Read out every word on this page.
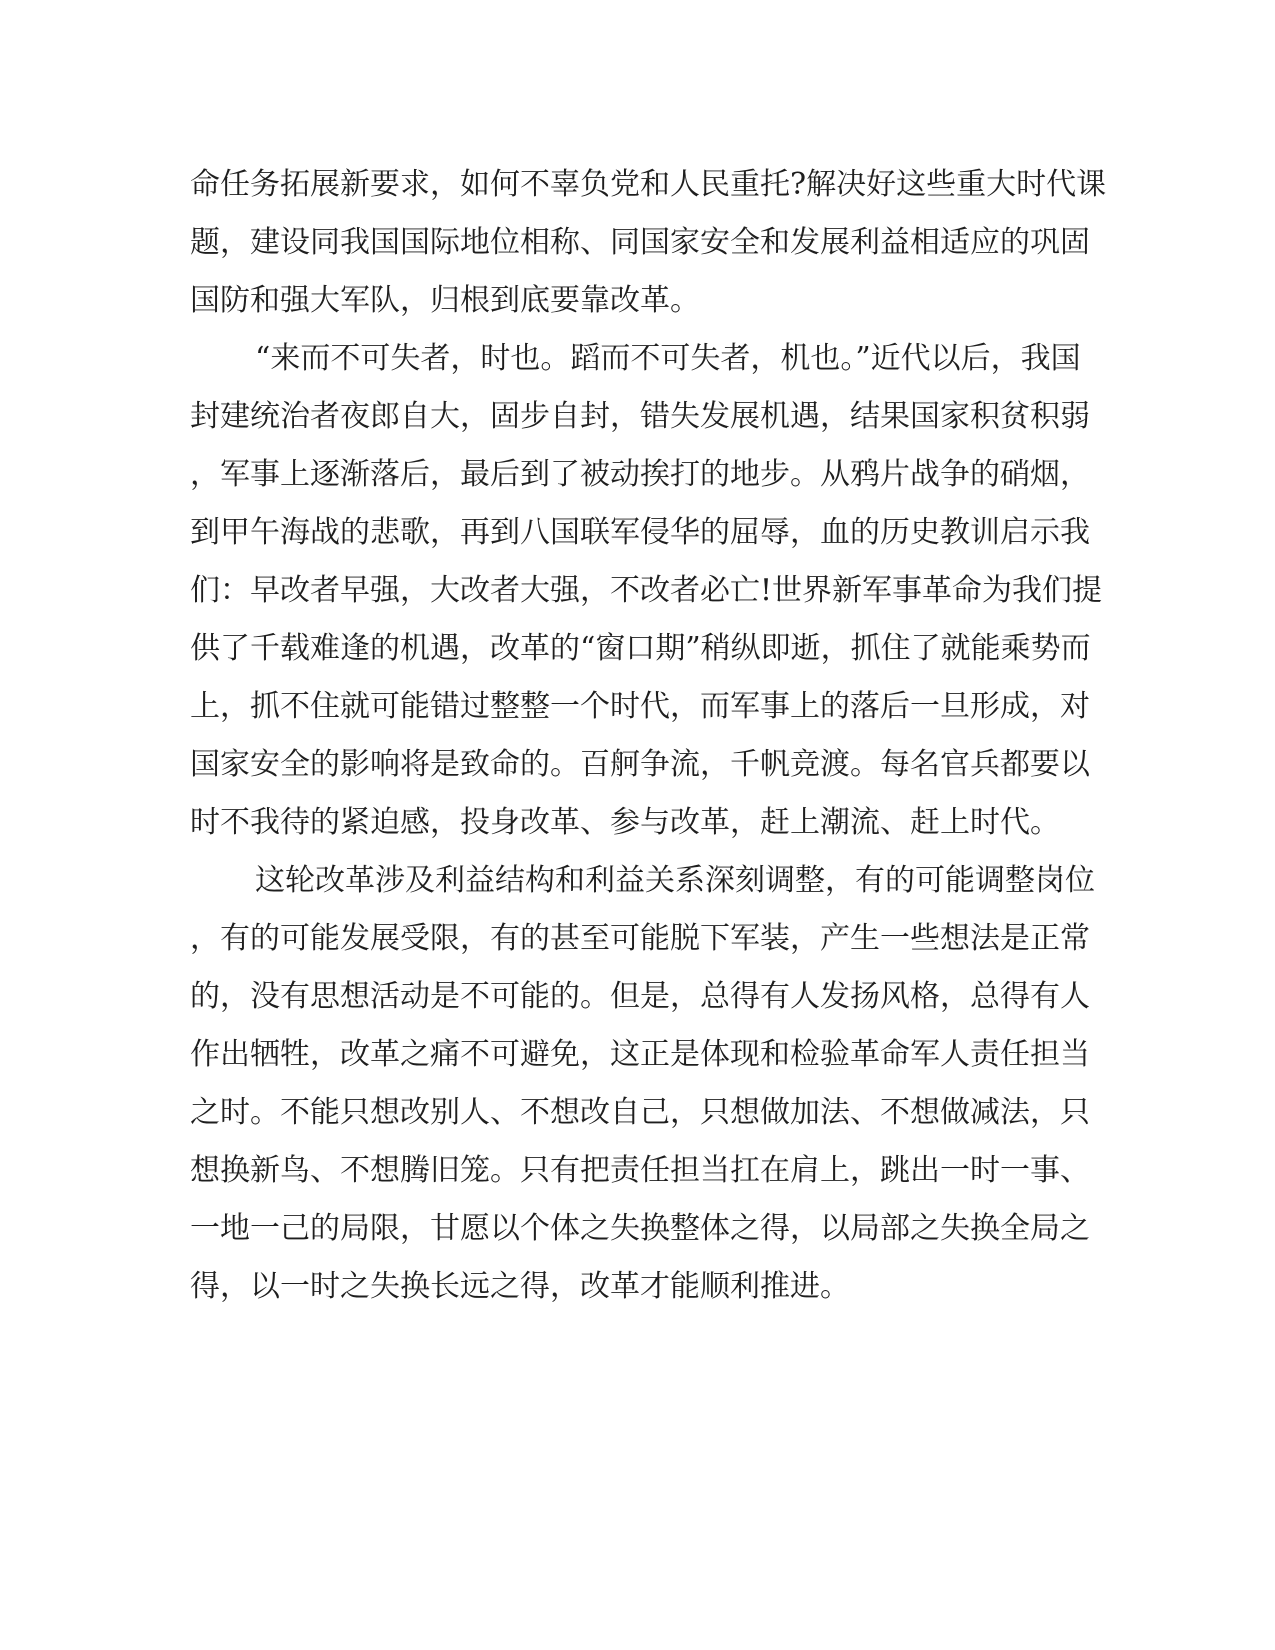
命任务拓展新要求，如何不辜负党和人民重托?解决好这些重大时代课
题，建设同我国国际地位相称、同国家安全和发展利益相适应的巩固
国防和强大军队，归根到底要靠改革。
“来而不可失者，时也。蹈而不可失者，机也。”近代以后，我国
封建统治者夜郎自大，固步自封，错失发展机遇，结果国家积贫积弱
，军事上逐渐落后，最后到了被动挨打的地步。从鸦片战争的硝烟，
到甲午海战的悲歌，再到八国联军侵华的屈辱，血的历史教训启示我
们：早改者早强，大改者大强，不改者必亡!世界新军事革命为我们提
供了千载难逢的机遇，改革的“窗口期”稍纵即逝，抓住了就能乘势而
上，抓不住就可能错过整整一个时代，而军事上的落后一旦形成，对
国家安全的影响将是致命的。百舸争流，千帆竞渡。每名官兵都要以
时不我待的紧迫感，投身改革、参与改革，赶上潮流、赶上时代。
这轮改革涉及利益结构和利益关系深刻调整，有的可能调整岗位
，有的可能发展受限，有的甚至可能脱下军装，产生一些想法是正常
的，没有思想活动是不可能的。但是，总得有人发扬风格，总得有人
作出牺牲，改革之痛不可避免，这正是体现和检验革命军人责任担当
之时。不能只想改别人、不想改自己，只想做加法、不想做减法，只
想换新鸟、不想腾旧笼。只有把责任担当扛在肩上，跳出一时一事、
一地一己的局限，甘愿以个体之失换整体之得，以局部之失换全局之
得，以一时之失换长远之得，改革才能顺利推进。
